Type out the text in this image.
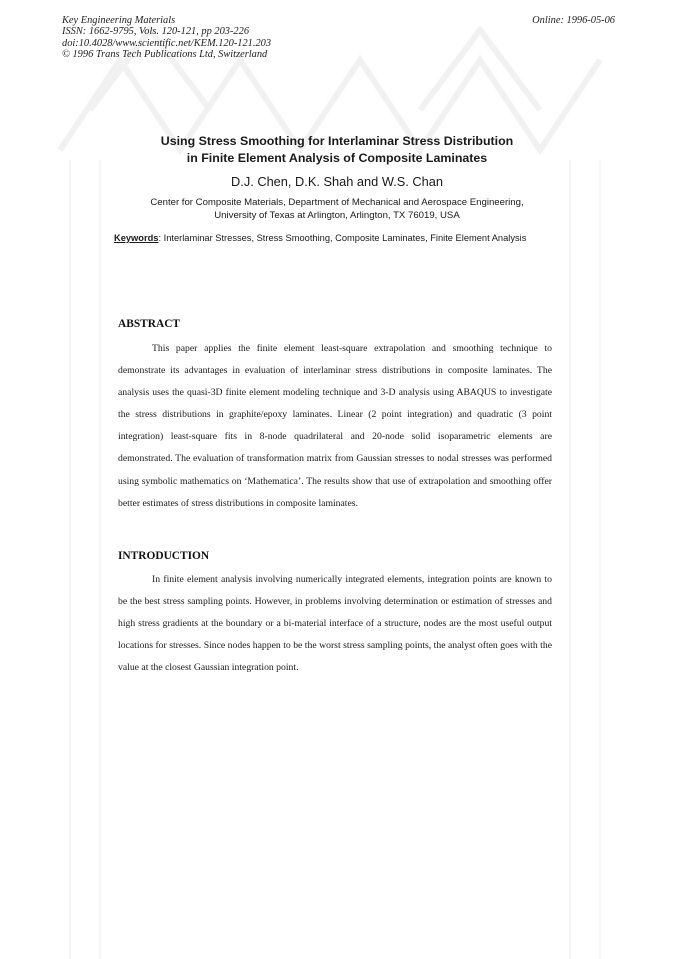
Key Engineering Materials
ISSN: 1662-9795, Vols. 120-121, pp 203-226
doi:10.4028/www.scientific.net/KEM.120-121.203
© 1996 Trans Tech Publications Ltd, Switzerland
Online: 1996-05-06
Using Stress Smoothing for Interlaminar Stress Distribution
in Finite Element Analysis of Composite Laminates
D.J. Chen, D.K. Shah and W.S. Chan
Center for Composite Materials, Department of Mechanical and Aerospace Engineering,
University of Texas at Arlington, Arlington, TX 76019, USA
Keywords: Interlaminar Stresses, Stress Smoothing, Composite Laminates, Finite Element Analysis
ABSTRACT
This paper applies the finite element least-square extrapolation and smoothing technique to demonstrate its advantages in evaluation of interlaminar stress distributions in composite laminates. The analysis uses the quasi-3D finite element modeling technique and 3-D analysis using ABAQUS to investigate the stress distributions in graphite/epoxy laminates. Linear (2 point integration) and quadratic (3 point integration) least-square fits in 8-node quadrilateral and 20-node solid isoparametric elements are demonstrated. The evaluation of transformation matrix from Gaussian stresses to nodal stresses was performed using symbolic mathematics on ‘Mathematica’. The results show that use of extrapolation and smoothing offer better estimates of stress distributions in composite laminates.
INTRODUCTION
In finite element analysis involving numerically integrated elements, integration points are known to be the best stress sampling points. However, in problems involving determination or estimation of stresses and high stress gradients at the boundary or a bi-material interface of a structure, nodes are the most useful output locations for stresses. Since nodes happen to be the worst stress sampling points, the analyst often goes with the value at the closest Gaussian integration point.
